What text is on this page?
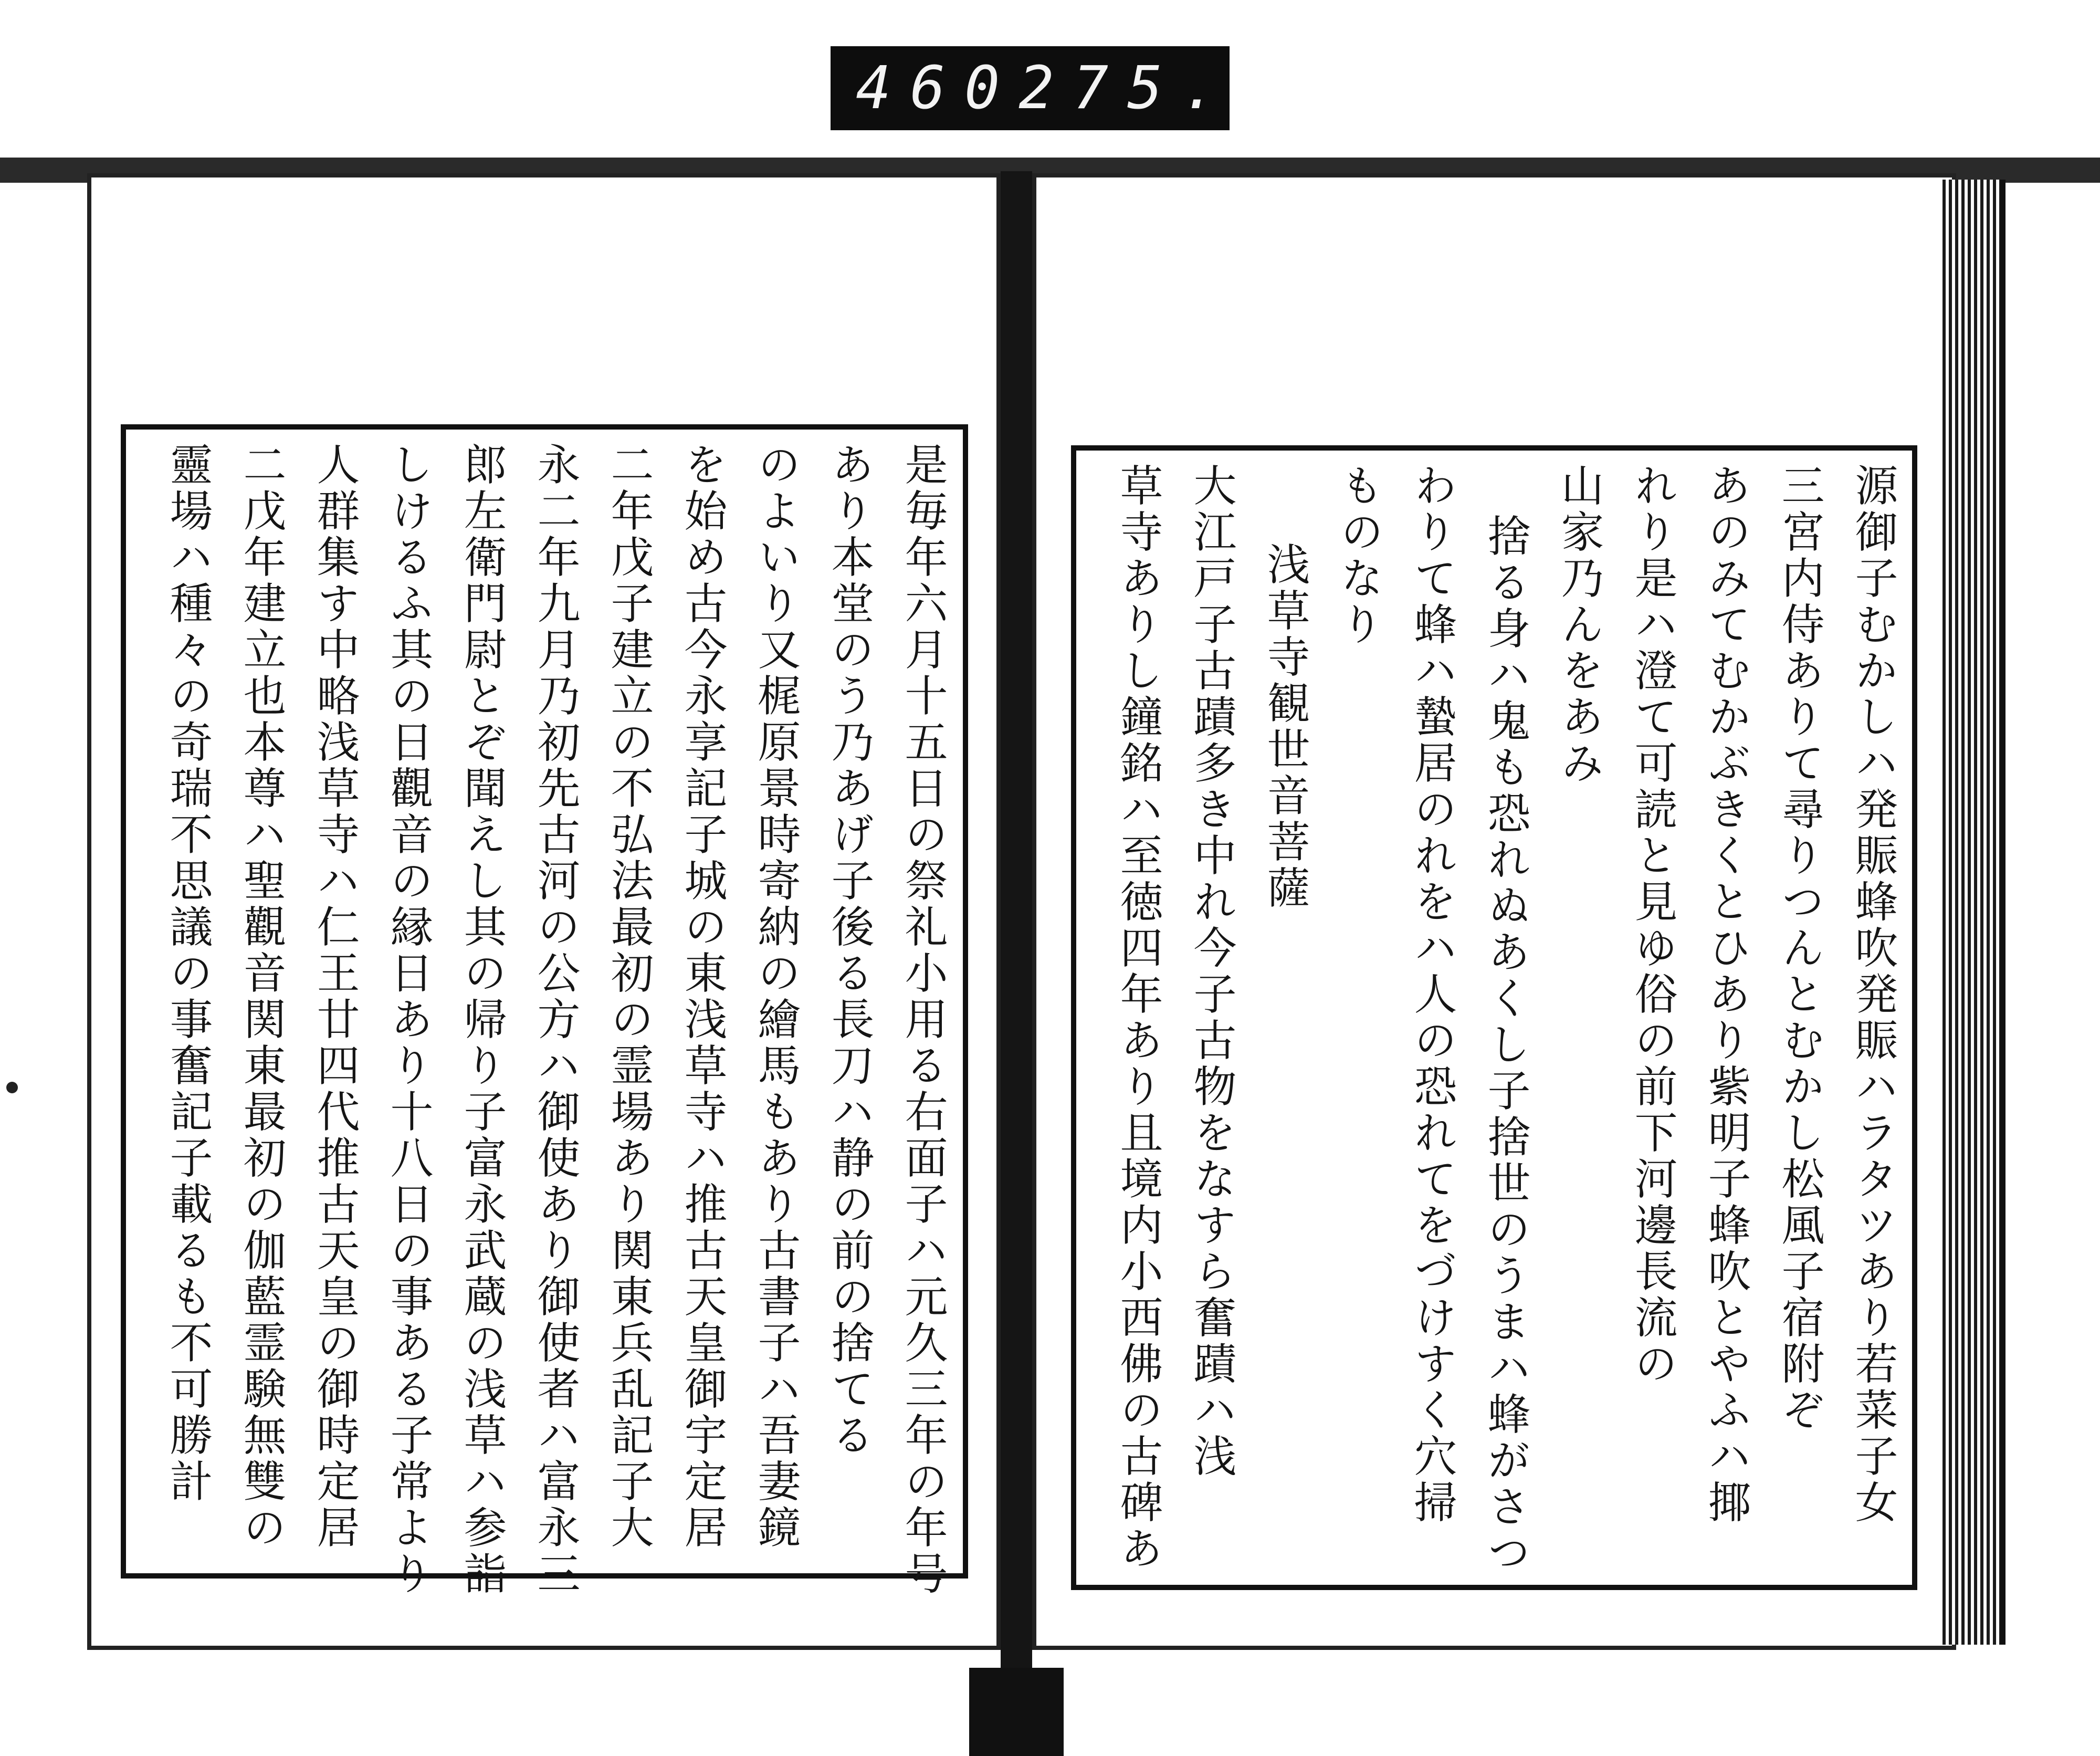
460 275.
源御子むかしハ発賑蜂吹発賑ハラタツあり若菜子女
三宮内侍ありて尋りつんとむかし松風子宿附ぞ
あのみてむかぶきくとひあり紫明子蜂吹とやふハ揶
れり是ハ澄て可読と見ゆ俗の前下河邊長流の
山家乃んをあみ
捨る身ハ鬼も恐れぬあくし子捨世のうまハ蜂がさつ
わりて蜂ハ蟄居のれをハ人の恐れてをづけすく穴掃
ものなり
浅草寺観世音菩薩
大江戸子古蹟多き中れ今子古物をなすら奮蹟ハ浅
草寺ありし鐘銘ハ至徳四年あり且境内小西佛の古碑あ
是毎年六月十五日の祭礼小用る右面子ハ元久三年の年号
あり本堂のう乃あげ子後る長刀ハ静の前の捨てる
のよいり又梶原景時寄納の繪馬もあり古書子ハ吾妻鏡
を始め古今永享記子城の東浅草寺ハ推古天皇御宇定居
二年戊子建立の不弘法最初の霊場あり関東兵乱記子大
永二年九月乃初先古河の公方ハ御使あり御使者ハ富永三
郎左衛門尉とぞ聞えし其の帰り子富永武蔵の浅草ハ参詣
しけるふ其の日觀音の縁日あり十八日の事ある子常より
人群集す中略浅草寺ハ仁王廿四代推古天皇の御時定居
二戊年建立也本尊ハ聖觀音関東最初の伽藍霊験無雙の
靈場ハ種々の奇瑞不思議の事奮記子載るも不可勝計
